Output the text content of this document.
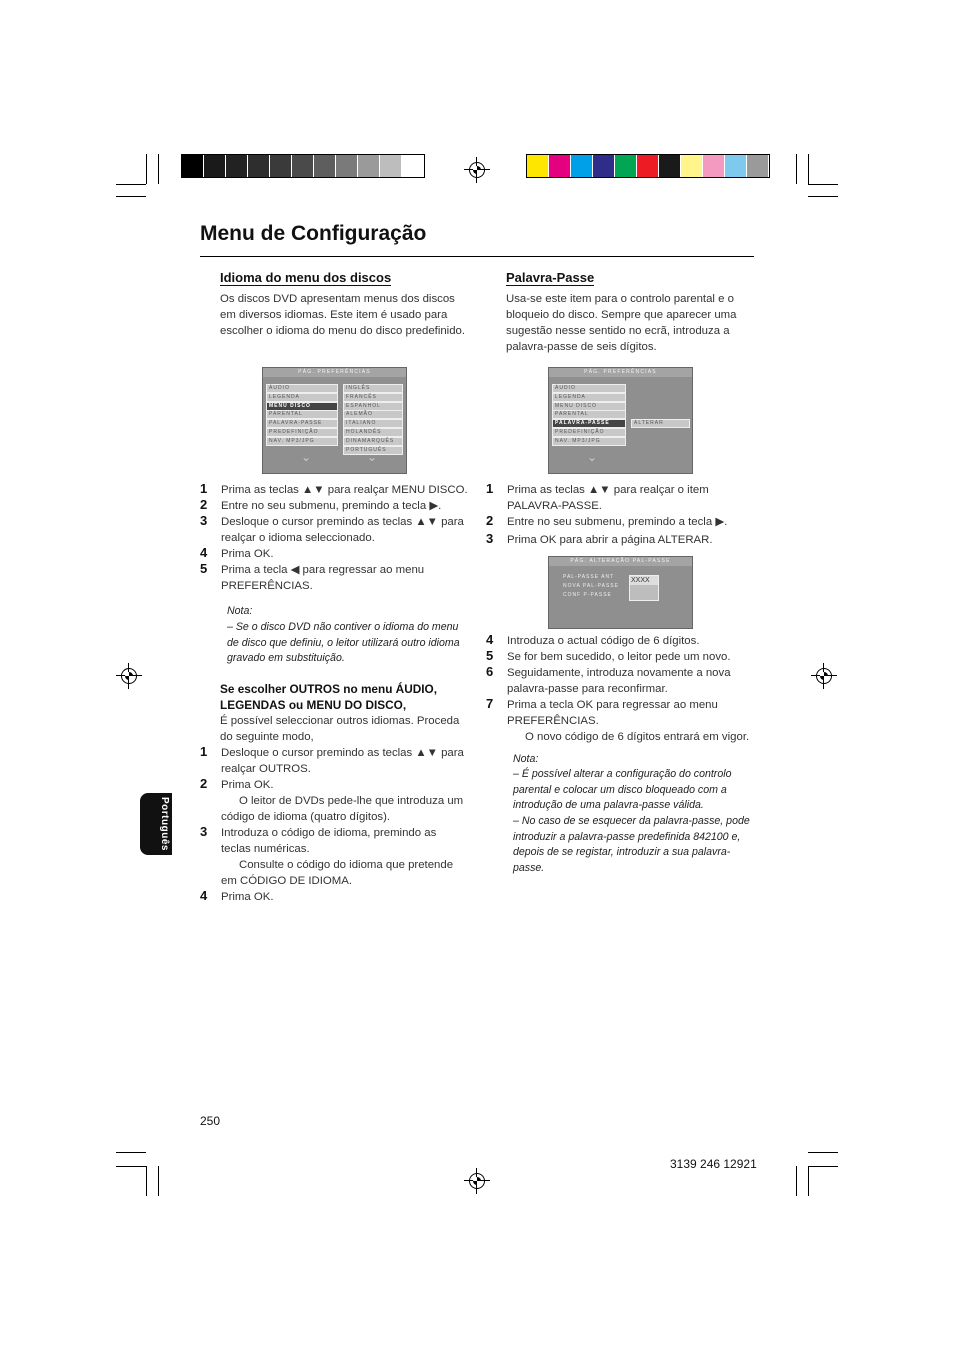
Menu de Configuração
Português
Idioma do menu dos discos

Os discos DVD apresentam menus dos discos em diversos idiomas. Este item é usado para escolher o idioma do menu do disco predefinido.

PÁG. PREFERÊNCIAS
ÁUDIO
LEGENDA
MENU DISCO
PARENTAL
PALAVRA-PASSE
PREDEFINIÇÃO
NAV. MP3/JPG
INGLÊS
FRANCÊS
ESPANHOL
ALEMÃO
ITALIANO
HOLANDÊS
DINAMARQUÊS
PORTUGUÊS
⌄	⌄
1	Prima as teclas ▲▼ para realçar MENU DISCO.
2	Entre no seu submenu, premindo a tecla ▶.
3	Desloque o cursor premindo as teclas ▲▼ para realçar o idioma seleccionado.
4	Prima OK.
5	Prima a tecla ◀ para regressar ao menu PREFERÊNCIAS.
Nota:
– Se o disco DVD não contiver o idioma do menu de disco que definiu, o leitor utilizará outro idioma gravado em substituição.
Se escolher OUTROS no menu ÁUDIO, LEGENDAS ou MENU DO DISCO,
É possível seleccionar outros idiomas. Proceda do seguinte modo,
1	Desloque o cursor premindo as teclas ▲▼ para realçar OUTROS.
2	Prima OK.
O leitor de DVDs pede-lhe que introduza um código de idioma (quatro dígitos).
3	Introduza o código de idioma, premindo as teclas numéricas.
Consulte o código do idioma que pretende em CÓDIGO DE IDIOMA.
4	Prima OK.
Palavra-Passe

Usa-se este item para o controlo parental e o bloqueio do disco. Sempre que aparecer uma sugestão nesse sentido no ecrã, introduza a palavra-passe de seis dígitos.

PÁG. PREFERÊNCIAS
ÁUDIO
LEGENDA
MENU DISCO
PARENTAL
PALAVRA-PASSE
PREDEFINIÇÃO
NAV. MP3/JPG
ALTERAR
⌄
1	Prima as teclas ▲▼ para realçar o item PALAVRA-PASSE.
2	Entre no seu submenu, premindo a tecla ▶.
3	Prima OK para abrir a página ALTERAR.
PÁG. ALTERAÇÃO PAL-PASSE
PAL-PASSE ANT
NOVA PAL-PASSE
CONF P-PASSE
XXXX
4	Introduza o actual código de 6 dígitos.
5	Se for bem sucedido, o leitor pede um novo.
6	Seguidamente, introduza novamente a nova palavra-passe para reconfirmar.
7	Prima a tecla OK para regressar ao menu PREFERÊNCIAS.
O novo código de 6 dígitos entrará em vigor.
Nota:
– É possível alterar a configuração do controlo parental e colocar um disco bloqueado com a introdução de uma palavra-passe válida.
– No caso de se esquecer da palavra-passe, pode introduzir a palavra-passe predefinida 842100 e, depois de se registar, introduzir a sua palavra-passe.
250
3139 246 12921
